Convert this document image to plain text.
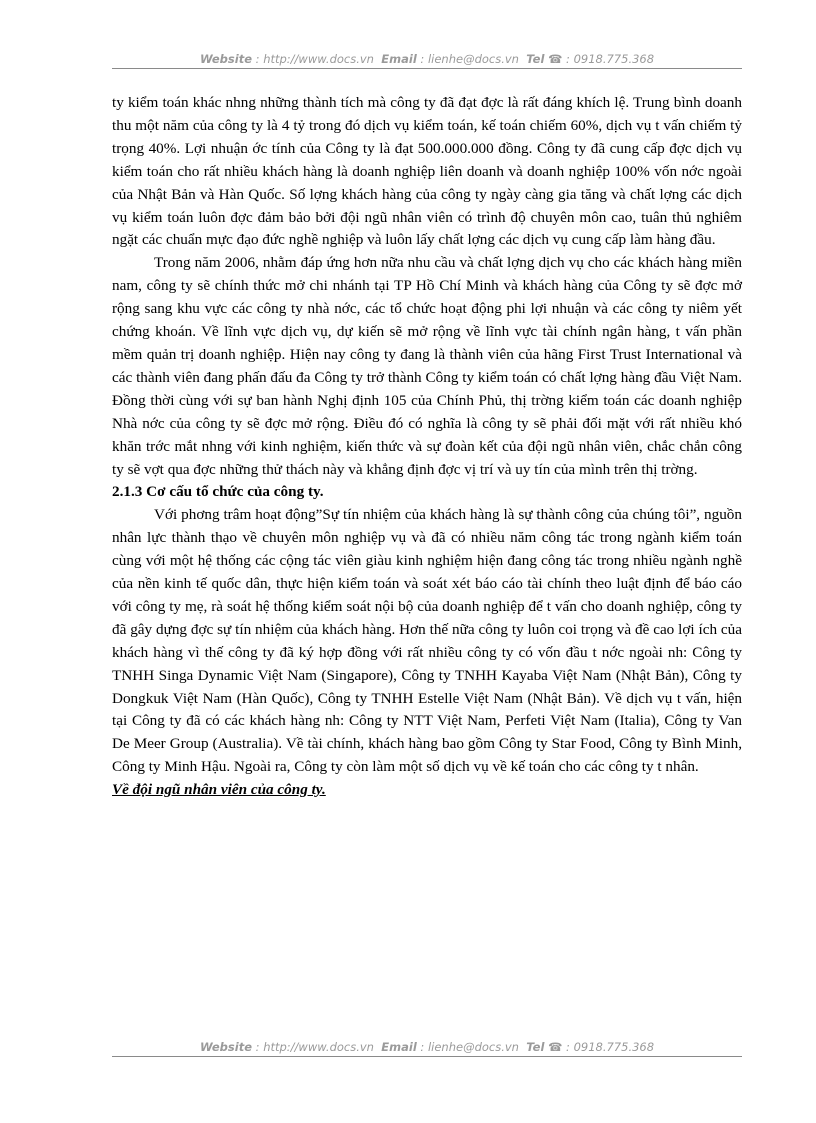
Website : http://www.docs.vn Email : lienhe@docs.vn Tel ☎ : 0918.775.368

ty kiểm toán khác nhng những thành tích mà công ty đã đạt đợc là rất đáng khích lệ. Trung bình doanh thu một năm của công ty là 4 tỷ trong đó dịch vụ kiểm toán, kế toán chiếm 60%, dịch vụ t vấn chiếm tỷ trọng 40%. Lợi nhuận ớc tính của Công ty là đạt 500.000.000 đồng. Công ty đã cung cấp đợc dịch vụ kiểm toán cho rất nhiều khách hàng là doanh nghiệp liên doanh và doanh nghiệp 100% vốn nớc ngoài của Nhật Bản và Hàn Quốc. Số lợng khách hàng của công ty ngày càng gia tăng và chất lợng các dịch vụ kiểm toán luôn đợc đảm bảo bởi đội ngũ nhân viên có trình độ chuyên môn cao, tuân thủ nghiêm ngặt các chuẩn mực đạo đức nghề nghiệp và luôn lấy chất lợng các dịch vụ cung cấp làm hàng đầu.

Trong năm 2006, nhằm đáp ứng hơn nữa nhu cầu và chất lợng dịch vụ cho các khách hàng miền nam, công ty sẽ chính thức mở chi nhánh tại TP Hồ Chí Minh và khách hàng của Công ty sẽ đợc mở rộng sang khu vực các công ty nhà nớc, các tổ chức hoạt động phi lợi nhuận và các công ty niêm yết chứng khoán. Về lĩnh vực dịch vụ, dự kiến sẽ mở rộng về lĩnh vực tài chính ngân hàng, t vấn phần mềm quản trị doanh nghiệp. Hiện nay công ty đang là thành viên của hãng First Trust International và các thành viên đang phấn đấu đa Công ty trở thành Công ty kiểm toán có chất lợng hàng đầu Việt Nam. Đồng thời cùng với sự ban hành Nghị định 105 của Chính Phủ, thị trờng kiểm toán các doanh nghiệp Nhà nớc của công ty sẽ đợc mở rộng. Điều đó có nghĩa là công ty sẽ phải đối mặt với rất nhiều khó khăn trớc mắt nhng với kinh nghiệm, kiến thức và sự đoàn kết của đội ngũ nhân viên, chắc chắn công ty sẽ vợt qua đợc những thử thách này và khẳng định đợc vị trí và uy tín của mình trên thị trờng.

2.1.3 Cơ cấu tổ chức của công ty.

Với phơng trâm hoạt động”Sự tín nhiệm của khách hàng là sự thành công của chúng tôi”, nguồn nhân lực thành thạo về chuyên môn nghiệp vụ và đã có nhiều năm công tác trong ngành kiểm toán cùng với một hệ thống các cộng tác viên giàu kinh nghiệm hiện đang công tác trong nhiều ngành nghề của nền kinh tế quốc dân, thực hiện kiểm toán và soát xét báo cáo tài chính theo luật định để báo cáo với công ty mẹ, rà soát hệ thống kiểm soát nội bộ của doanh nghiệp để t vấn cho doanh nghiệp, công ty đã gây dựng đợc sự tín nhiệm của khách hàng. Hơn thế nữa công ty luôn coi trọng và đề cao lợi ích của khách hàng vì thế công ty đã ký hợp đồng với rất nhiều công ty có vốn đầu t nớc ngoài nh: Công ty TNHH Singa Dynamic Việt Nam (Singapore), Công ty TNHH Kayaba Việt Nam (Nhật Bản), Công ty Dongkuk Việt Nam (Hàn Quốc), Công ty TNHH Estelle Việt Nam (Nhật Bản). Về dịch vụ t vấn, hiện tại Công ty đã có các khách hàng nh: Công ty NTT Việt Nam, Perfeti Việt Nam (Italia), Công ty Van De Meer Group (Australia). Về tài chính, khách hàng bao gồm Công ty Star Food, Công ty Bình Minh, Công ty Minh Hậu. Ngoài ra, Công ty còn làm một số dịch vụ về kế toán cho các công ty t nhân.

Về đội ngũ nhân viên của công ty.

Website : http://www.docs.vn Email : lienhe@docs.vn Tel ☎ : 0918.775.368
